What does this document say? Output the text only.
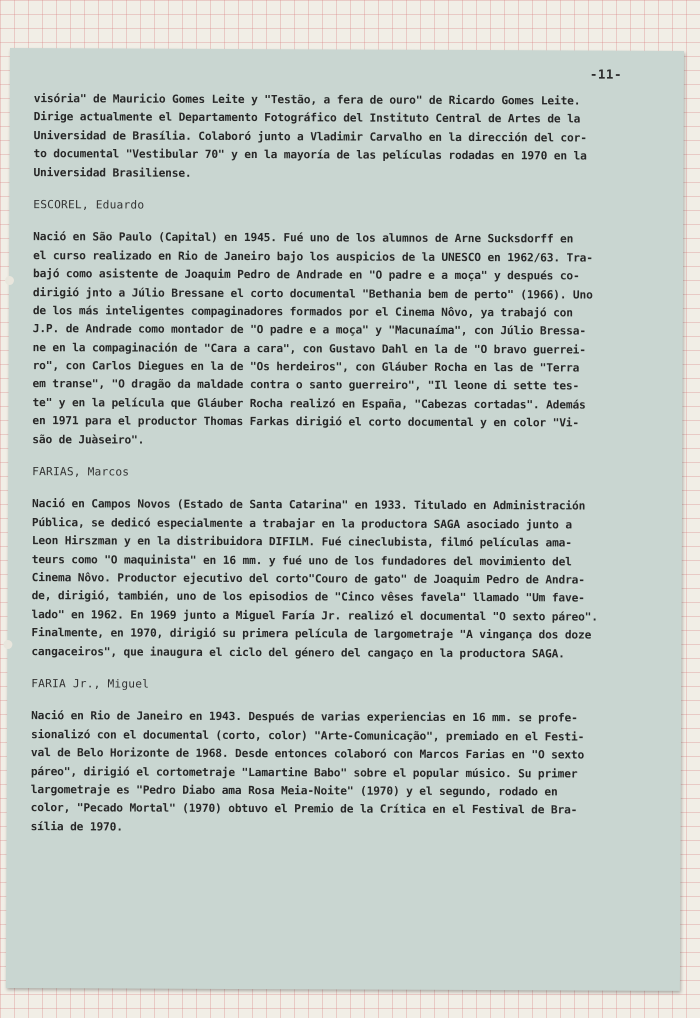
-11-
visória" de Mauricio Gomes Leite y "Testão, a fera de ouro" de Ricardo Gomes Leite.
Dirige actualmente el Departamento Fotográfico del Instituto Central de Artes de la
Universidad de Brasília. Colaboró junto a Vladimir Carvalho en la dirección del cor-
to documental "Vestibular 70" y en la mayoría de las películas rodadas en 1970 en la
Universidad Brasiliense.
ESCOREL, Eduardo
Nació en São Paulo (Capital) en 1945. Fué uno de los alumnos de Arne Sucksdorff en
el curso realizado en Rio de Janeiro bajo los auspicios de la UNESCO en 1962/63. Tra-
bajó como asistente de Joaquim Pedro de Andrade en "O padre e a moça" y después co-
dirigió jnto a Júlio Bressane el corto documental "Bethania bem de perto" (1966). Uno
de los más inteligentes compaginadores formados por el Cinema Nôvo, ya trabajó con
J.P. de Andrade como montador de "O padre e a moça" y "Macunaíma", con Júlio Bressa-
ne en la compaginación de "Cara a cara", con Gustavo Dahl en la de "O bravo guerrei-
ro", con Carlos Diegues en la de "Os herdeiros", con Gláuber Rocha en las de "Terra
em transe", "O dragão da maldade contra o santo guerreiro", "Il leone di sette tes-
te" y en la película que Gláuber Rocha realizó en España, "Cabezas cortadas". Además
en 1971 para el productor Thomas Farkas dirigió el corto documental y en color "Vi-
são de Juàseiro".
FARIAS, Marcos
Nació en Campos Novos (Estado de Santa Catarina" en 1933. Titulado en Administración
Pública, se dedicó especialmente a trabajar en la productora SAGA asociado junto a
Leon Hirszman y en la distribuidora DIFILM. Fué cineclubista, filmó películas ama-
teurs como "O maquinista" en 16 mm. y fué uno de los fundadores del movimiento del
Cinema Nôvo. Productor ejecutivo del corto"Couro de gato" de Joaquim Pedro de Andra-
de, dirigió, también, uno de los episodios de "Cinco vêses favela" llamado "Um fave-
lado" en 1962. En 1969 junto a Miguel Faría Jr. realizó el documental "O sexto páreo".
Finalmente, en 1970, dirigió su primera película de largometraje "A vingança dos doze
cangaceiros", que inaugura el ciclo del género del cangaço en la productora SAGA.
FARIA Jr., Miguel
Nació en Rio de Janeiro en 1943. Después de varias experiencias en 16 mm. se profe-
sionalizó con el documental (corto, color) "Arte-Comunicação", premiado en el Festi-
val de Belo Horizonte de 1968. Desde entonces colaboró con Marcos Farias en "O sexto
páreo", dirigió el cortometraje "Lamartine Babo" sobre el popular músico. Su primer
largometraje es "Pedro Diabo ama Rosa Meia-Noite" (1970) y el segundo, rodado en
color, "Pecado Mortal" (1970) obtuvo el Premio de la Crítica en el Festival de Bra-
sília de 1970.
